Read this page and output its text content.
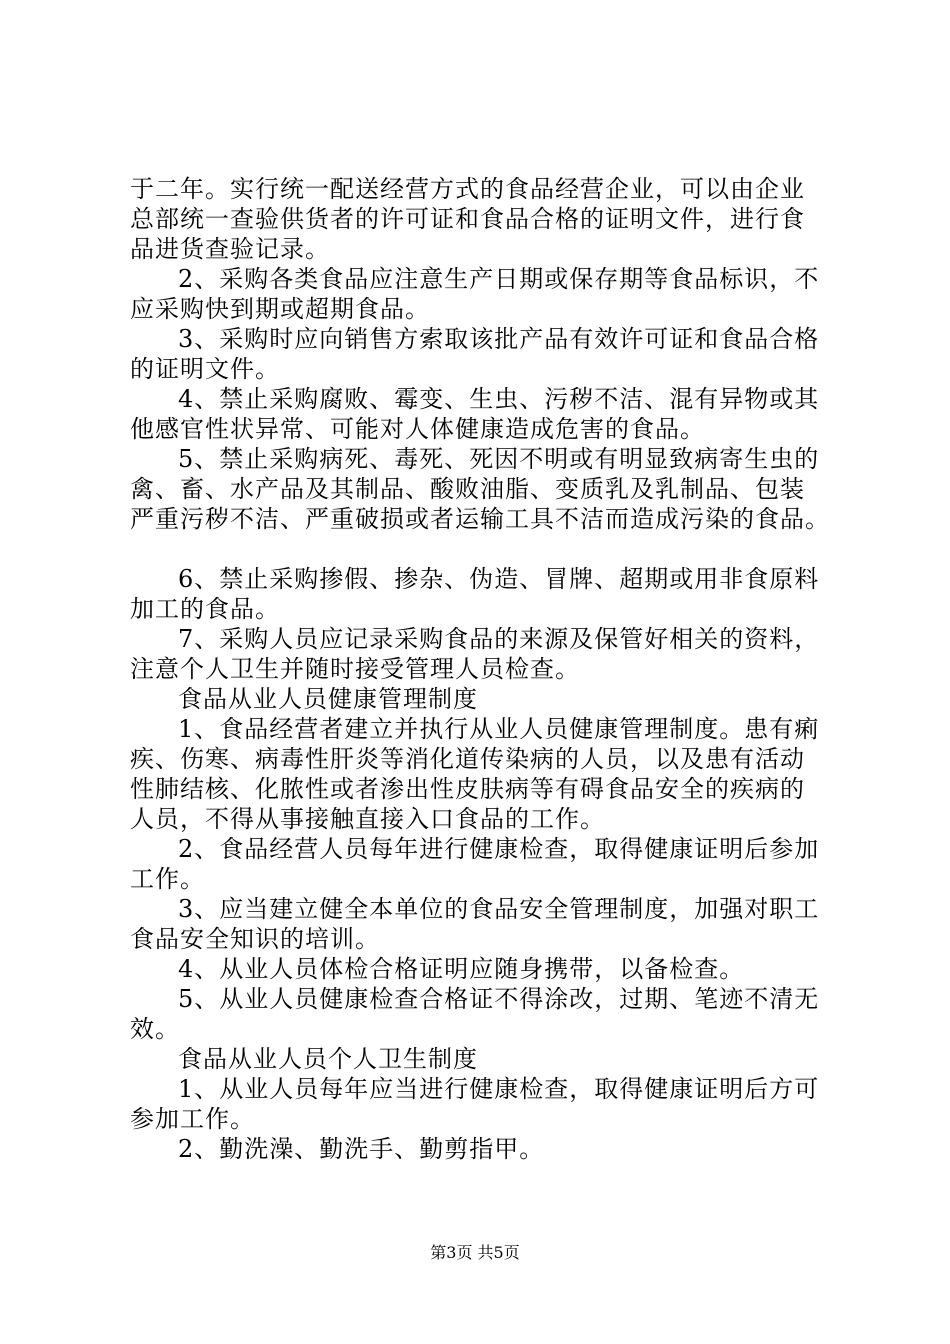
于二年。实行统一配送经营方式的食品经营企业，可以由企业
总部统一查验供货者的许可证和食品合格的证明文件，进行食
品进货查验记录。
2、采购各类食品应注意生产日期或保存期等食品标识，不
应采购快到期或超期食品。
3、采购时应向销售方索取该批产品有效许可证和食品合格
的证明文件。
4、禁止采购腐败、霉变、生虫、污秽不洁、混有异物或其
他感官性状异常、可能对人体健康造成危害的食品。
5、禁止采购病死、毒死、死因不明或有明显致病寄生虫的
禽、畜、水产品及其制品、酸败油脂、变质乳及乳制品、包装
严重污秽不洁、严重破损或者运输工具不洁而造成污染的食品。
6、禁止采购掺假、掺杂、伪造、冒牌、超期或用非食原料
加工的食品。
7、采购人员应记录采购食品的来源及保管好相关的资料，
注意个人卫生并随时接受管理人员检查。
食品从业人员健康管理制度
1、食品经营者建立并执行从业人员健康管理制度。患有痢
疾、伤寒、病毒性肝炎等消化道传染病的人员，以及患有活动
性肺结核、化脓性或者渗出性皮肤病等有碍食品安全的疾病的
人员，不得从事接触直接入口食品的工作。
2、食品经营人员每年进行健康检查，取得健康证明后参加
工作。
3、应当建立健全本单位的食品安全管理制度，加强对职工
食品安全知识的培训。
4、从业人员体检合格证明应随身携带，以备检查。
5、从业人员健康检查合格证不得涂改，过期、笔迹不清无
效。
食品从业人员个人卫生制度
1、从业人员每年应当进行健康检查，取得健康证明后方可
参加工作。
2、勤洗澡、勤洗手、勤剪指甲。
第3页 共5页
